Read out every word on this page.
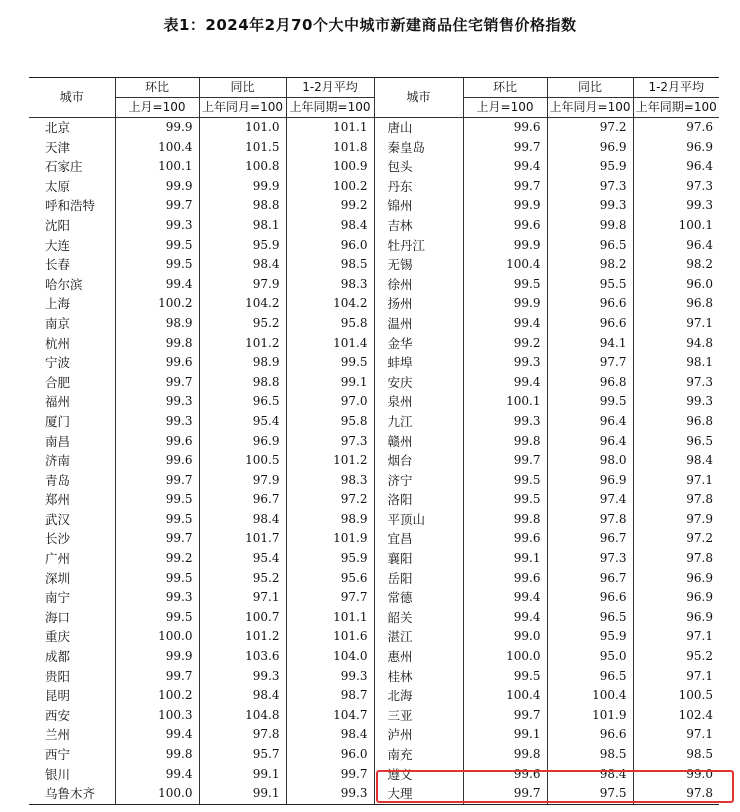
表1：2024年2月70个大中城市新建商品住宅销售价格指数
城市	环比	同比	1-2月平均	城市	环比	同比	1-2月平均
	上月=100	上年同月=100	上年同期=100		上月=100	上年同月=100	上年同期=100
北京	99.9	101.0	101.1	唐山	99.6	97.2	97.6
天津	100.4	101.5	101.8	秦皇岛	99.7	96.9	96.9
石家庄	100.1	100.8	100.9	包头	99.4	95.9	96.4
太原	99.9	99.9	100.2	丹东	99.7	97.3	97.3
呼和浩特	99.7	98.8	99.2	锦州	99.9	99.3	99.3
沈阳	99.3	98.1	98.4	吉林	99.6	99.8	100.1
大连	99.5	95.9	96.0	牡丹江	99.9	96.5	96.4
长春	99.5	98.4	98.5	无锡	100.4	98.2	98.2
哈尔滨	99.4	97.9	98.3	徐州	99.5	95.5	96.0
上海	100.2	104.2	104.2	扬州	99.9	96.6	96.8
南京	98.9	95.2	95.8	温州	99.4	96.6	97.1
杭州	99.8	101.2	101.4	金华	99.2	94.1	94.8
宁波	99.6	98.9	99.5	蚌埠	99.3	97.7	98.1
合肥	99.7	98.8	99.1	安庆	99.4	96.8	97.3
福州	99.3	96.5	97.0	泉州	100.1	99.5	99.3
厦门	99.3	95.4	95.8	九江	99.3	96.4	96.8
南昌	99.6	96.9	97.3	赣州	99.8	96.4	96.5
济南	99.6	100.5	101.2	烟台	99.7	98.0	98.4
青岛	99.7	97.9	98.3	济宁	99.5	96.9	97.1
郑州	99.5	96.7	97.2	洛阳	99.5	97.4	97.8
武汉	99.5	98.4	98.9	平顶山	99.8	97.8	97.9
长沙	99.7	101.7	101.9	宜昌	99.6	96.7	97.2
广州	99.2	95.4	95.9	襄阳	99.1	97.3	97.8
深圳	99.5	95.2	95.6	岳阳	99.6	96.7	96.9
南宁	99.3	97.1	97.7	常德	99.4	96.6	96.9
海口	99.5	100.7	101.1	韶关	99.4	96.5	96.9
重庆	100.0	101.2	101.6	湛江	99.0	95.9	97.1
成都	99.9	103.6	104.0	惠州	100.0	95.0	95.2
贵阳	99.7	99.3	99.3	桂林	99.5	96.5	97.1
昆明	100.2	98.4	98.7	北海	100.4	100.4	100.5
西安	100.3	104.8	104.7	三亚	99.7	101.9	102.4
兰州	99.4	97.8	98.4	泸州	99.1	96.6	97.1
西宁	99.8	95.7	96.0	南充	99.8	98.5	98.5
银川	99.4	99.1	99.7	遵义	99.6	98.4	99.0
乌鲁木齐	100.0	99.1	99.3	大理	99.7	97.5	97.8
